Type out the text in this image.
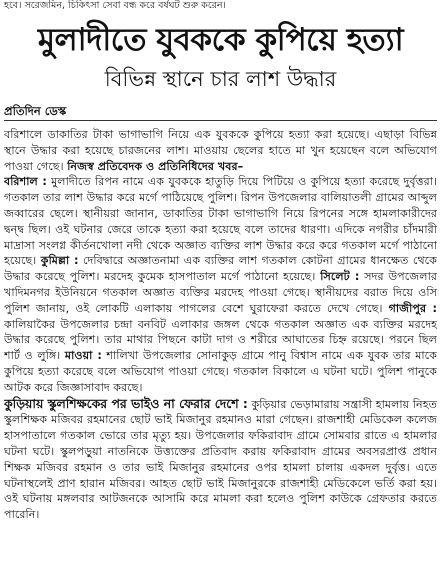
হবে। সরেজমিন, চিকিৎসা সেবা বন্ধ করে বর্ষঘট শুরু করেন।
মুলাদীতে যুবককে কুপিয়ে হত্যা
বিভিন্ন স্থানে চার লাশ উদ্ধার
প্রতিদিন ডেস্ক

বরিশালে ডাকাতির টাকা ভাগাভাগি নিয়ে এক যুবককে কুপিয়ে হত্যা করা হয়েছে। এছাড়া বিভিন্ন স্থানে উদ্ধার করা হয়েছে চারজনের লাশ। মাওয়ায় ছেলের হাতে মা খুন হয়েছেন বলে অভিযোগ পাওয়া গেছে। নিজস্ব প্রতিবেদক ও প্রতিনিধিদের খবর–

বরিশাল : মুলাদীতে রিপন নামে এক যুবককে হাতুড়ি দিয়ে পিটিয়ে ও কুপিয়ে হত্যা করেছে দুর্বৃত্তরা। গতকাল তার লাশ উদ্ধার করে মর্গে পাঠিয়েছে পুলিশ। রিপন উপজেলার বালিয়াতলী গ্রামের আব্দুল জব্বারের ছেলে। স্থানীয়রা জানান, ডাকাতির টাকা ভাগাভাগি নিয়ে রিপনের সঙ্গে হামলাকারীদের দ্বন্দ্ব ছিল। ওই ঘটনার জেরে তাকে হত্যা করা হয়েছে বলে তাদের ধারণা। এদিকে নগরীর চাঁদমারী মাদ্রাসা সংলগ্ন কীর্তনখোলা নদী থেকে অজ্ঞাত ব্যক্তির লাশ উদ্ধার করে করে গতকাল মর্গে পাঠানো হয়েছে। কুমিল্লা : দেবিদ্বারে অজ্ঞাতনামা এক ব্যক্তির লাশ গতকাল কোটনা গ্রামের ধানক্ষেত থেকে উদ্ধার করেছে পুলিশ। মরদেহ কুমেক হাসপাতাল মর্গে পাঠানো হয়েছে। সিলেট : সদর উপজেলার খাদিমনগর ইউনিয়নে গতকাল অজ্ঞাত ব্যক্তির মরদেহ পাওয়া গেছে। স্থানীয়দের বরাত দিয়ে ওসি পুলিশ জানায়, ওই লোকটি এলাকায় পাগলের বেশে ঘুরাফেরা করতে দেখে গেছে। গাজীপুর : কালিয়াকৈর উপজেলার চন্দ্রা বনবিট এলাকার জঙ্গল থেকে গতকাল অজ্ঞাত এক ব্যক্তির মরদেহ উদ্ধার করেছে পুলিশ। তার মাথার পিছনে কাটা দাগ ও শরীরে আঘাতের চিহ্ন রয়েছে। পরনে ছিল শার্ট ও লুঙ্গি। মাওয়া : শালিখা উপজেলার সোনাকুড় গ্রামে পানু বিশ্বাস নামে এক যুবক তার মাকে কুপিয়ে হত্যা করেছে বলে অভিযোগ পাওয়া গেছে। গতকাল বিকালে এ ঘটনা ঘটে। পুলিশ পানুকে আটক করে জিজ্ঞাসাবাদ করছে।

কুড়িয়ায় স্কুলশিক্ষকের পর ভাইও না ফেরার দেশে : কুড়িয়ার ভেড়ামারায় সন্ত্রাসী হামলায় নিহত স্কুলশিক্ষক মজিবর রহমানের ছোট ভাই মিজানুর রহমানও মারা গেছেন। রাজশাহী মেডিকেল কলেজ হাসপাতালে গতকাল ভোরে তার মৃত্যু হয়। উপজেলার ফকিরাবাদ গ্রামে সোমবার রাতে এ হামলার ঘটনা ঘটে। স্কুলপড়ুয়া নাতনিকে উত্ত্যক্তের প্রতিবাদ করায় ফকিরাবাদ গ্রামের অবসরপ্রাপ্ত প্রধান শিক্ষক মজিবর রহমান ও তার ভাই মিজানুর রহমানের ওপর হামলা চালায় একদল দুর্বৃত্ত। এতে ঘটনাস্থলেই প্রাণ হারান মজিবর। আহত ছোট ভাই মিজানুরকে রাজশাহী মেডিকেলে ভর্তি করা হয়। ওই ঘটনায় মঙ্গলবার আটজনকে আসামি করে মামলা করা হলেও পুলিশ কাউকে গ্রেফতার করতে পারেনি।
